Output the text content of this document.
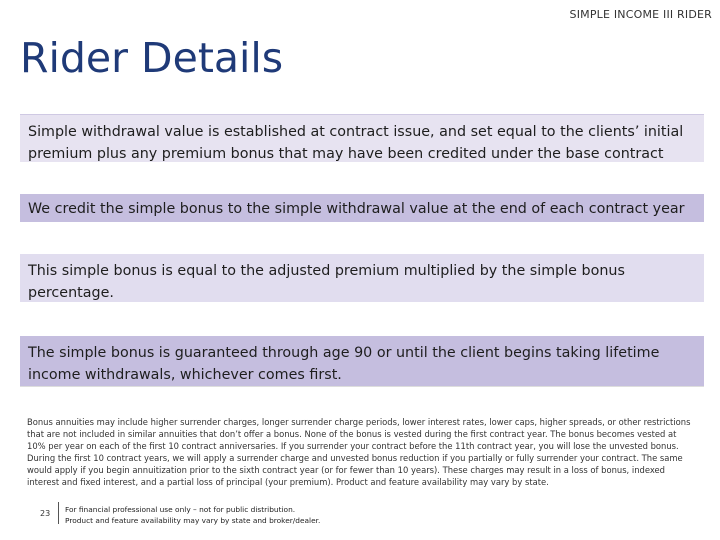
SIMPLE INCOME III RIDER
Rider Details
Simple withdrawal value is established at contract issue, and set equal to the clients’ initial premium plus any premium bonus that may have been credited under the base contract
We credit the simple bonus to the simple withdrawal value at the end of each contract year
This simple bonus is equal to the adjusted premium multiplied by the simple bonus percentage.
The simple bonus is guaranteed through age 90 or until the client begins taking lifetime income withdrawals, whichever comes first.
Bonus annuities may include higher surrender charges, longer surrender charge periods, lower interest rates, lower caps, higher spreads, or other restrictions that are not included in similar annuities that don’t offer a bonus. None of the bonus is vested during the first contract year. The bonus becomes vested at 10% per year on each of the first 10 contract anniversaries. If you surrender your contract before the 11th contract year, you will lose the unvested bonus. During the first 10 contract years, we will apply a surrender charge and unvested bonus reduction if you partially or fully surrender your contract. The same would apply if you begin annuitization prior to the sixth contract year (or for fewer than 10 years). These charges may result in a loss of bonus, indexed interest and fixed interest, and a partial loss of principal (your premium). Product and feature availability may vary by state.
23 For financial professional use only – not for public distribution.
Product and feature availability may vary by state and broker/dealer.
